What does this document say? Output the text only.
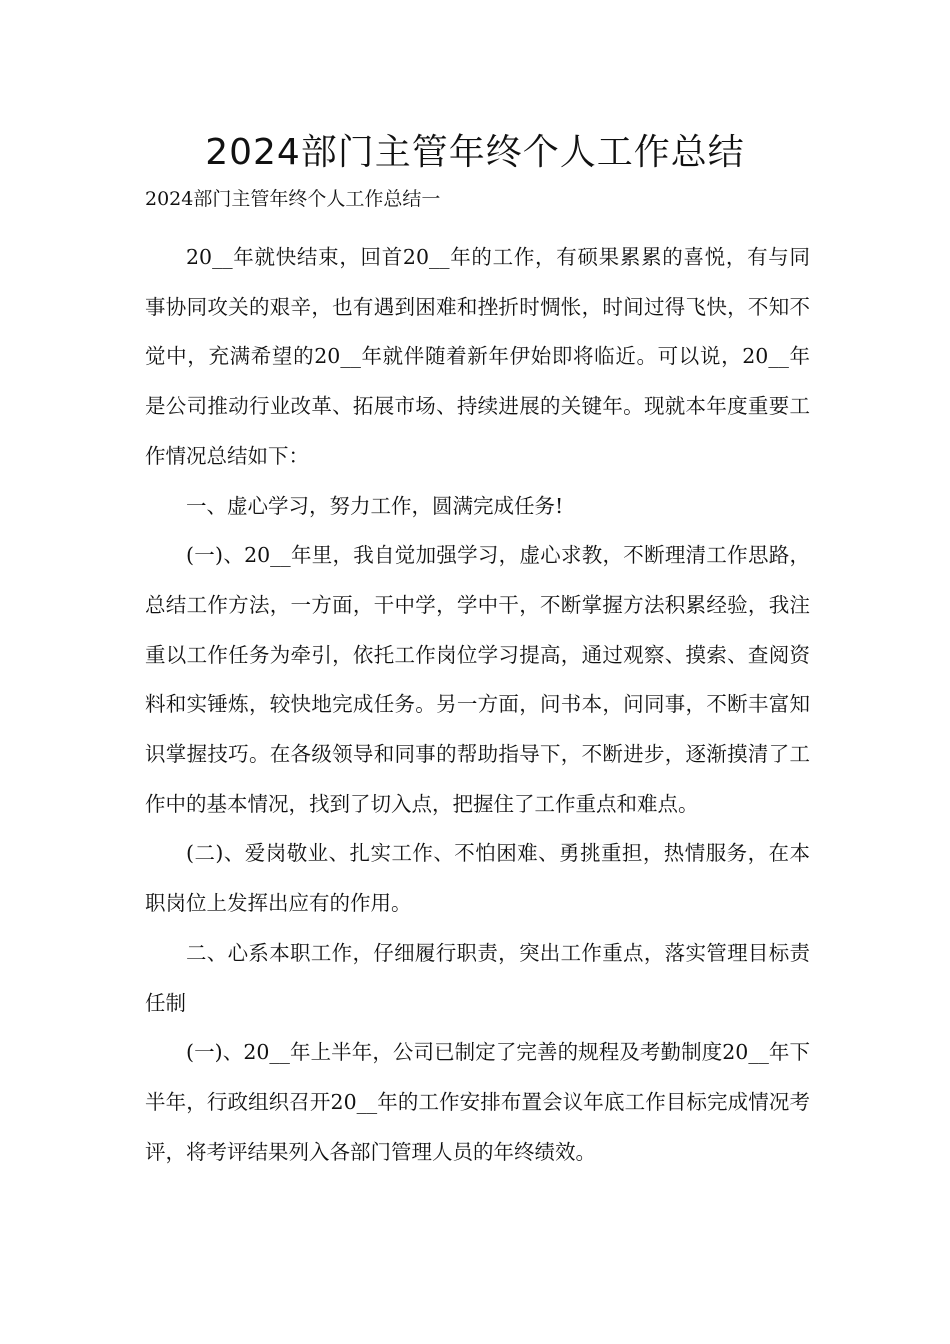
2024部门主管年终个人工作总结

2024部门主管年终个人工作总结一

20__年就快结束，回首20__年的工作，有硕果累累的喜悦，有与同事协同攻关的艰辛，也有遇到困难和挫折时惆怅，时间过得飞快，不知不觉中，充满希望的20__年就伴随着新年伊始即将临近。可以说，20__年是公司推动行业改革、拓展市场、持续进展的关键年。现就本年度重要工作情况总结如下：

一、虚心学习，努力工作，圆满完成任务!

(一)、20__年里，我自觉加强学习，虚心求教，不断理清工作思路，总结工作方法，一方面，干中学，学中干，不断掌握方法积累经验，我注重以工作任务为牵引，依托工作岗位学习提高，通过观察、摸索、查阅资料和实锤炼，较快地完成任务。另一方面，问书本，问同事，不断丰富知识掌握技巧。在各级领导和同事的帮助指导下，不断进步，逐渐摸清了工作中的基本情况，找到了切入点，把握住了工作重点和难点。

(二)、爱岗敬业、扎实工作、不怕困难、勇挑重担，热情服务，在本职岗位上发挥出应有的作用。

二、心系本职工作，仔细履行职责，突出工作重点，落实管理目标责任制

(一)、20__年上半年，公司已制定了完善的规程及考勤制度20__年下半年，行政组织召开20__年的工作安排布置会议年底工作目标完成情况考评，将考评结果列入各部门管理人员的年终绩效。
